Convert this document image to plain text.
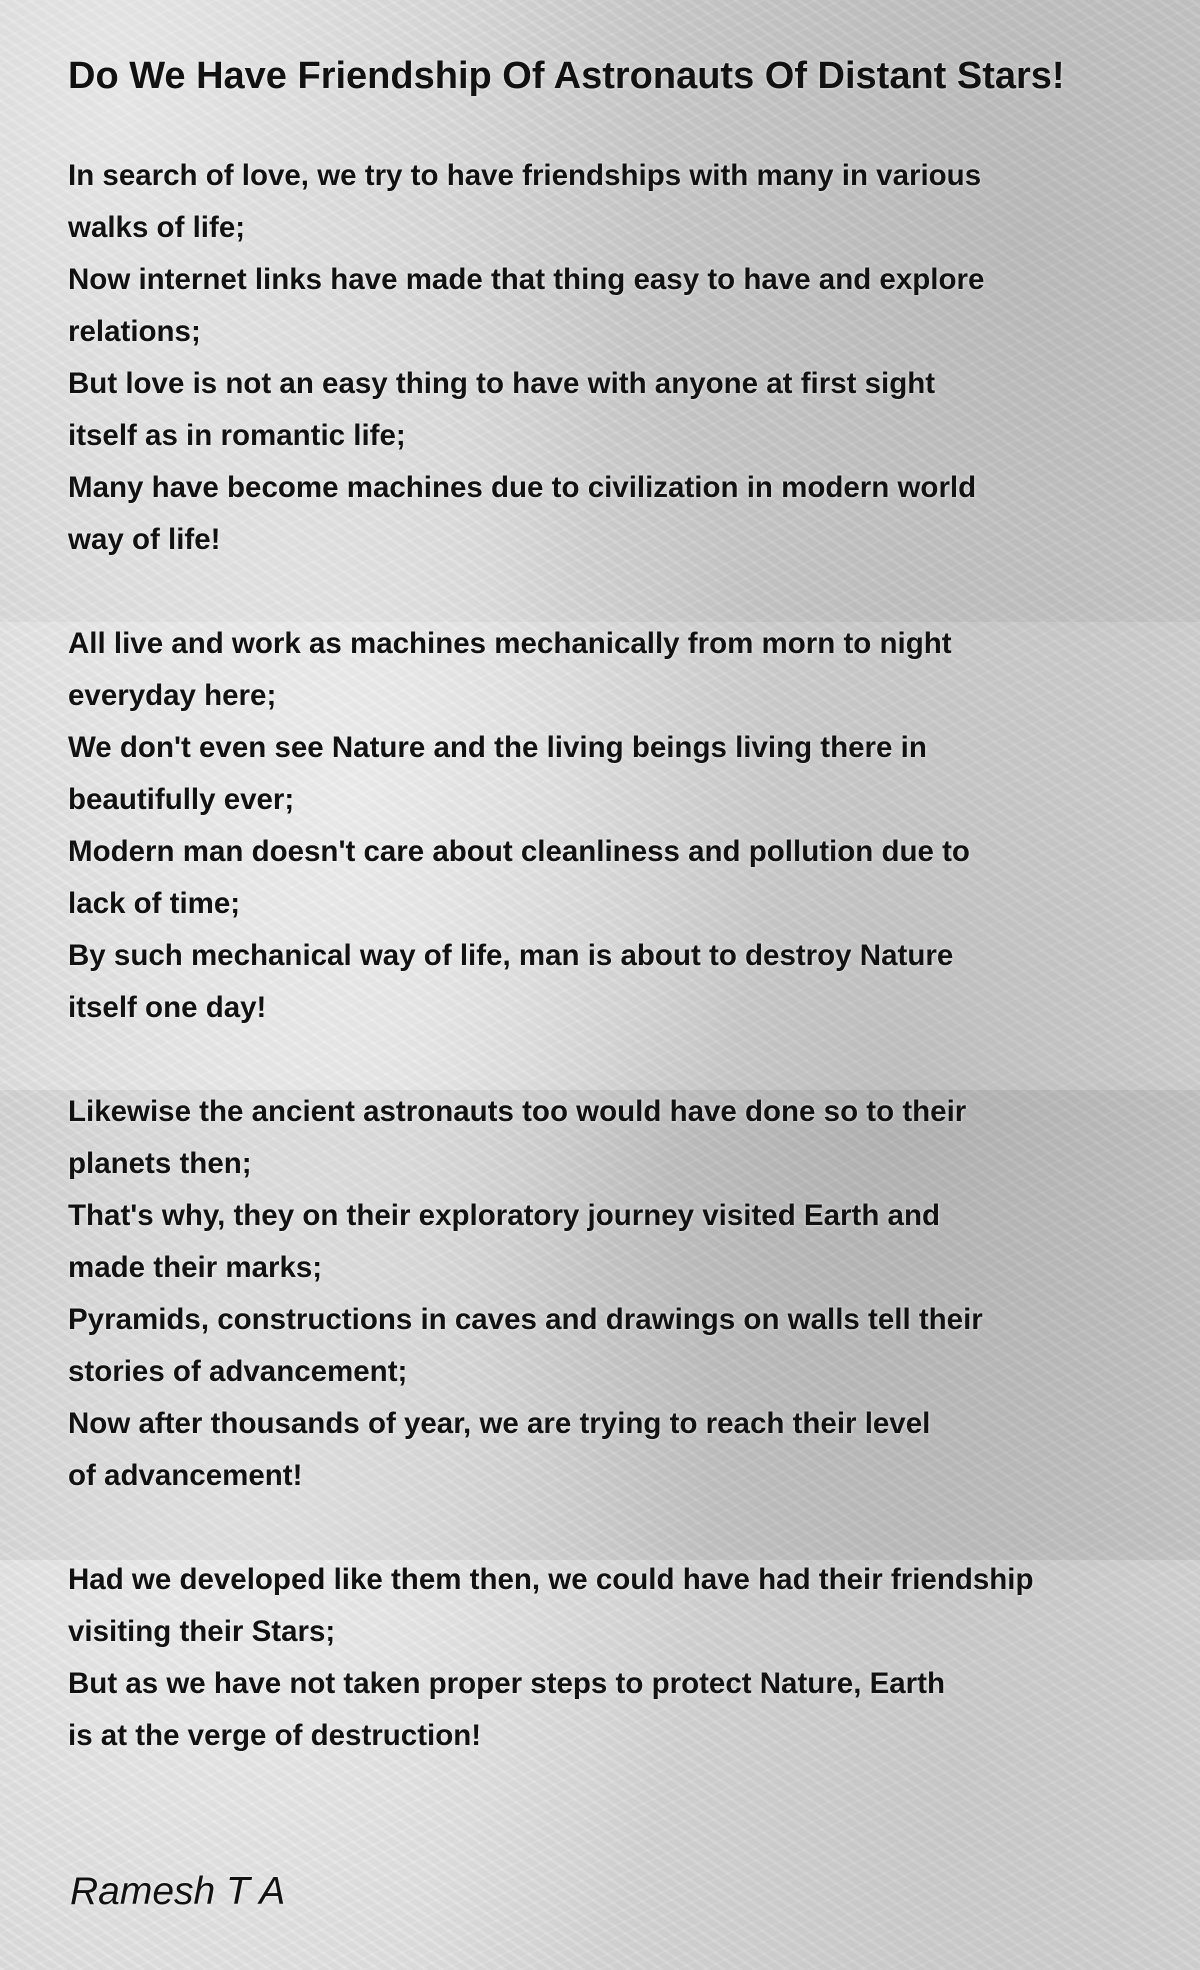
Do We Have Friendship Of Astronauts Of Distant Stars!

In search of love, we try to have friendships with many in various
walks of life;
Now internet links have made that thing easy to have and explore
relations;
But love is not an easy thing to have with anyone at first sight
itself as in romantic life;
Many have become machines due to civilization in modern world
way of life!

All live and work as machines mechanically from morn to night
everyday here;
We don't even see Nature and the living beings living there in
beautifully ever;
Modern man doesn't care about cleanliness and pollution due to
lack of time;
By such mechanical way of life, man is about to destroy Nature
itself one day!

Likewise the ancient astronauts too would have done so to their
planets then;
That's why, they on their exploratory journey visited Earth and
made their marks;
Pyramids, constructions in caves and drawings on walls tell their
stories of advancement;
Now after thousands of year, we are trying to reach their level
of advancement!

Had we developed like them then, we could have had their friendship
visiting their Stars;
But as we have not taken proper steps to protect Nature, Earth
is at the verge of destruction!

Ramesh T A
